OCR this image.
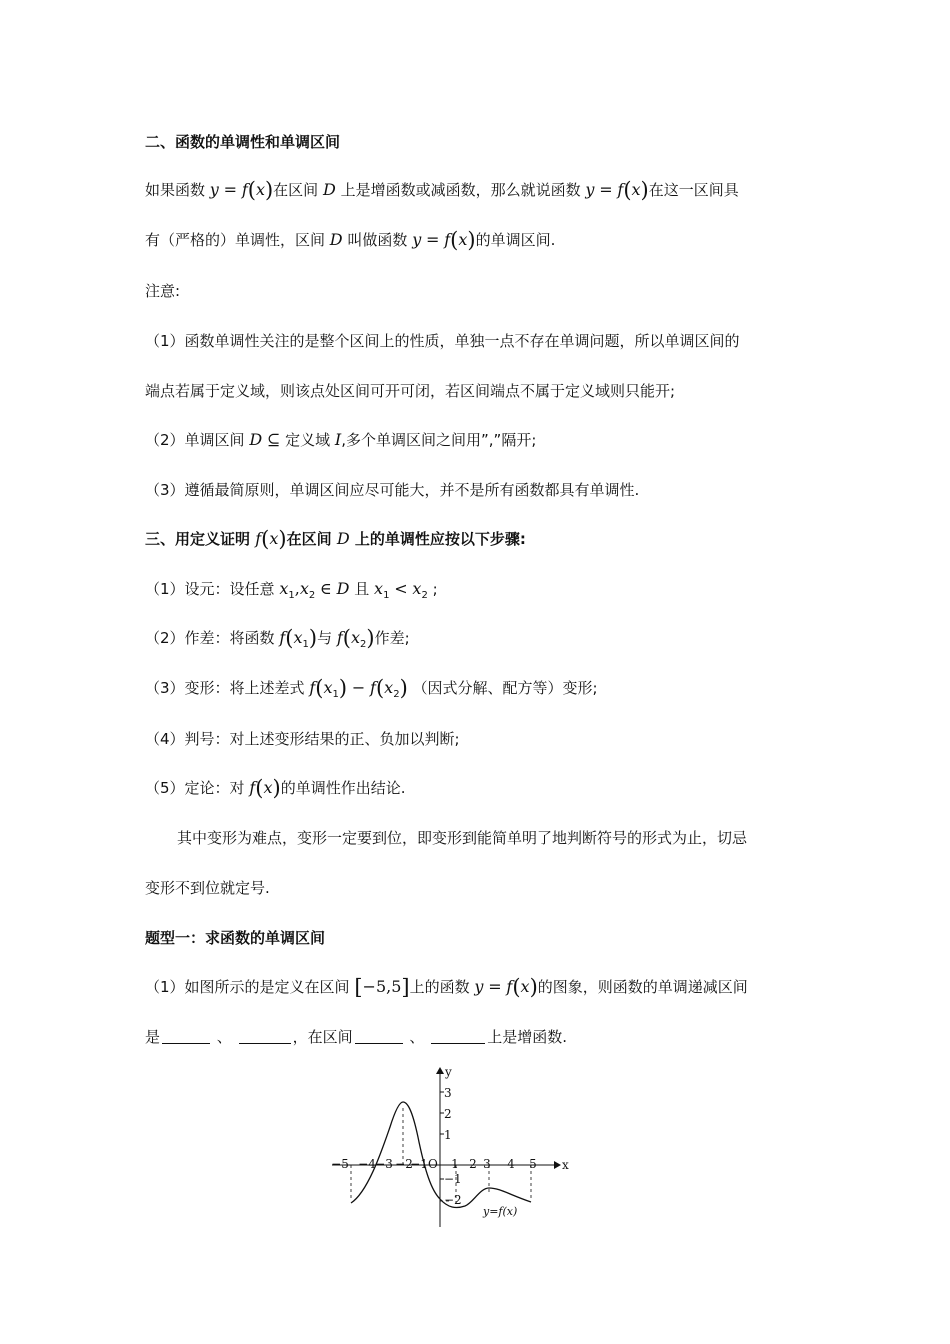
二、函数的单调性和单调区间
如果函数 y = f(x)在区间 D 上是增函数或减函数，那么就说函数 y = f(x)在这一区间具
有（严格的）单调性，区间 D 叫做函数 y = f(x)的单调区间.
注意:
（1）函数单调性关注的是整个区间上的性质，单独一点不存在单调问题，所以单调区间的
端点若属于定义域，则该点处区间可开可闭，若区间端点不属于定义域则只能开;
（2）单调区间 D ⊆ 定义域 I,多个单调区间之间用”,”隔开;
（3）遵循最简原则，单调区间应尽可能大，并不是所有函数都具有单调性.
三、用定义证明 f(x)在区间 D 上的单调性应按以下步骤:
（1）设元：设任意 $x_1,x_2$ ∈ D 且 $x_1 < x_2$ ;
（2）作差：将函数 $f(x_1)$与 $f(x_2)$作差;
（3）变形：将上述差式 $f(x_1) - f(x_2)$ （因式分解、配方等）变形;
（4）判号：对上述变形结果的正、负加以判断;
（5）定论：对 f(x)的单调性作出结论.
其中变形为难点，变形一定要到位，即变形到能简单明了地判断符号的形式为止，切忌
变形不到位就定号.
题型一：求函数的单调区间
（1）如图所示的是定义在区间 [−5,5]上的函数 y = f(x)的图象，则函数的单调递减区间
是	、	，在区间	、	上是增函数.
x
y
O
−5 −4 −3 −2
−1 1 2 3 4 5
3
2
1
−1
−2
y=f(x)
